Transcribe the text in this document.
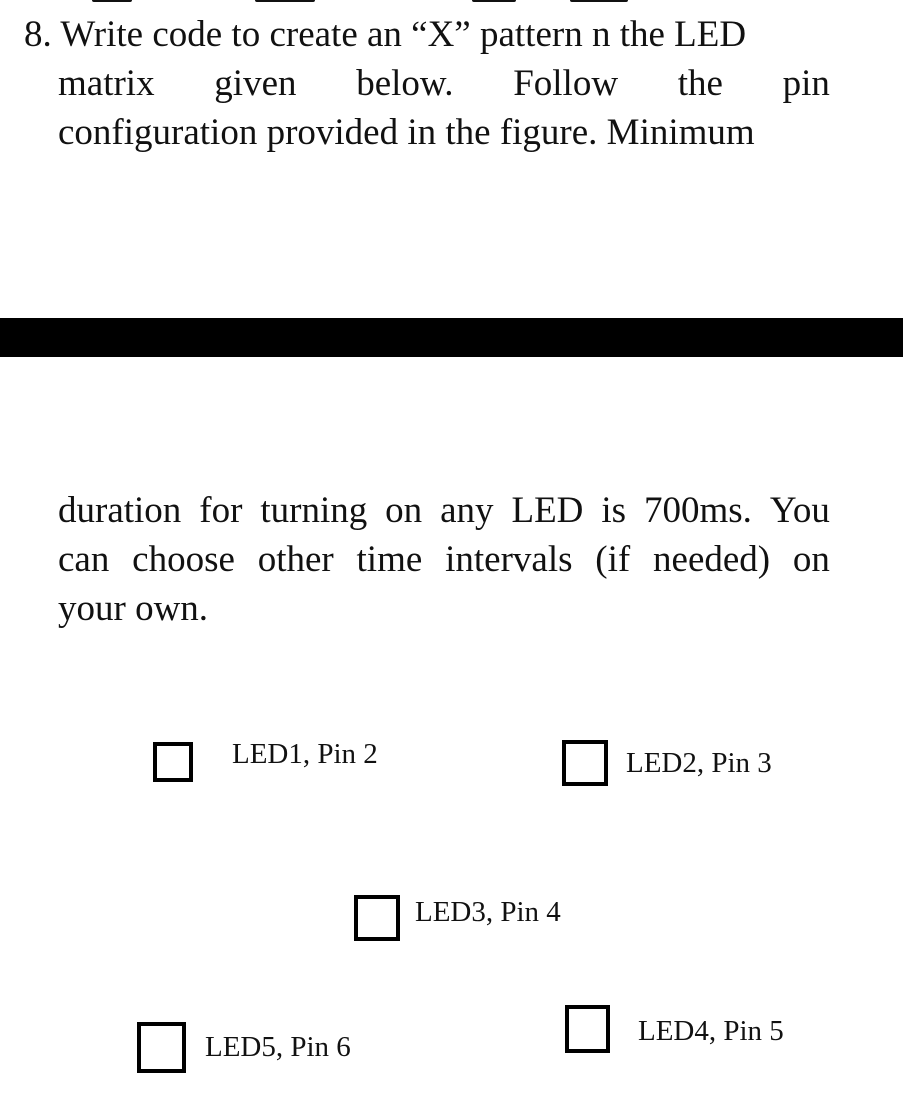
8. Write code to create an “X” pattern n the LED
matrix given below. Follow the pin
configuration provided in the figure. Minimum
duration for turning on any LED is 700ms. You
can choose other time intervals (if needed) on
your own.
LED1, Pin 2	LED2, Pin 3
LED3, Pin 4
LED4, Pin 5
LED5, Pin 6
